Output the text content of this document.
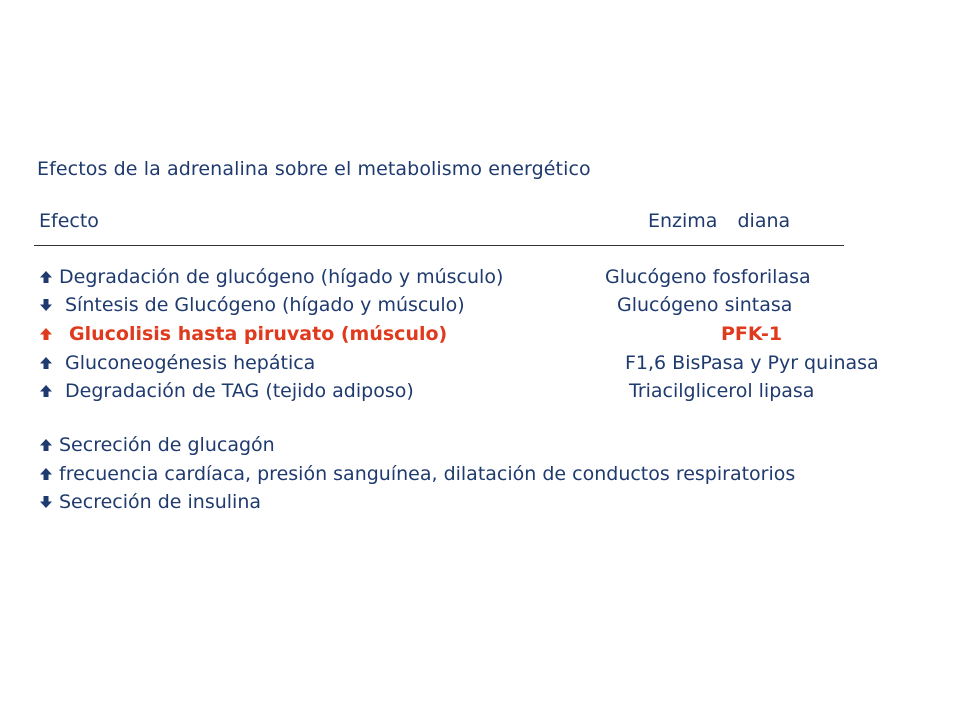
Efectos de la adrenalina sobre el metabolismo energético
Efecto	Enzima diana
Degradación de glucógeno (hígado y músculo)	Glucógeno fosforilasa
Síntesis de Glucógeno (hígado y músculo)	Glucógeno sintasa
Glucolisis hasta piruvato (músculo)	PFK-1
Gluconeogénesis hepática	F1,6 BisPasa y Pyr quinasa
Degradación de TAG (tejido adiposo)	Triacilglicerol lipasa
Secreción de glucagón
frecuencia cardíaca, presión sanguínea, dilatación de conductos respiratorios
Secreción de insulina
